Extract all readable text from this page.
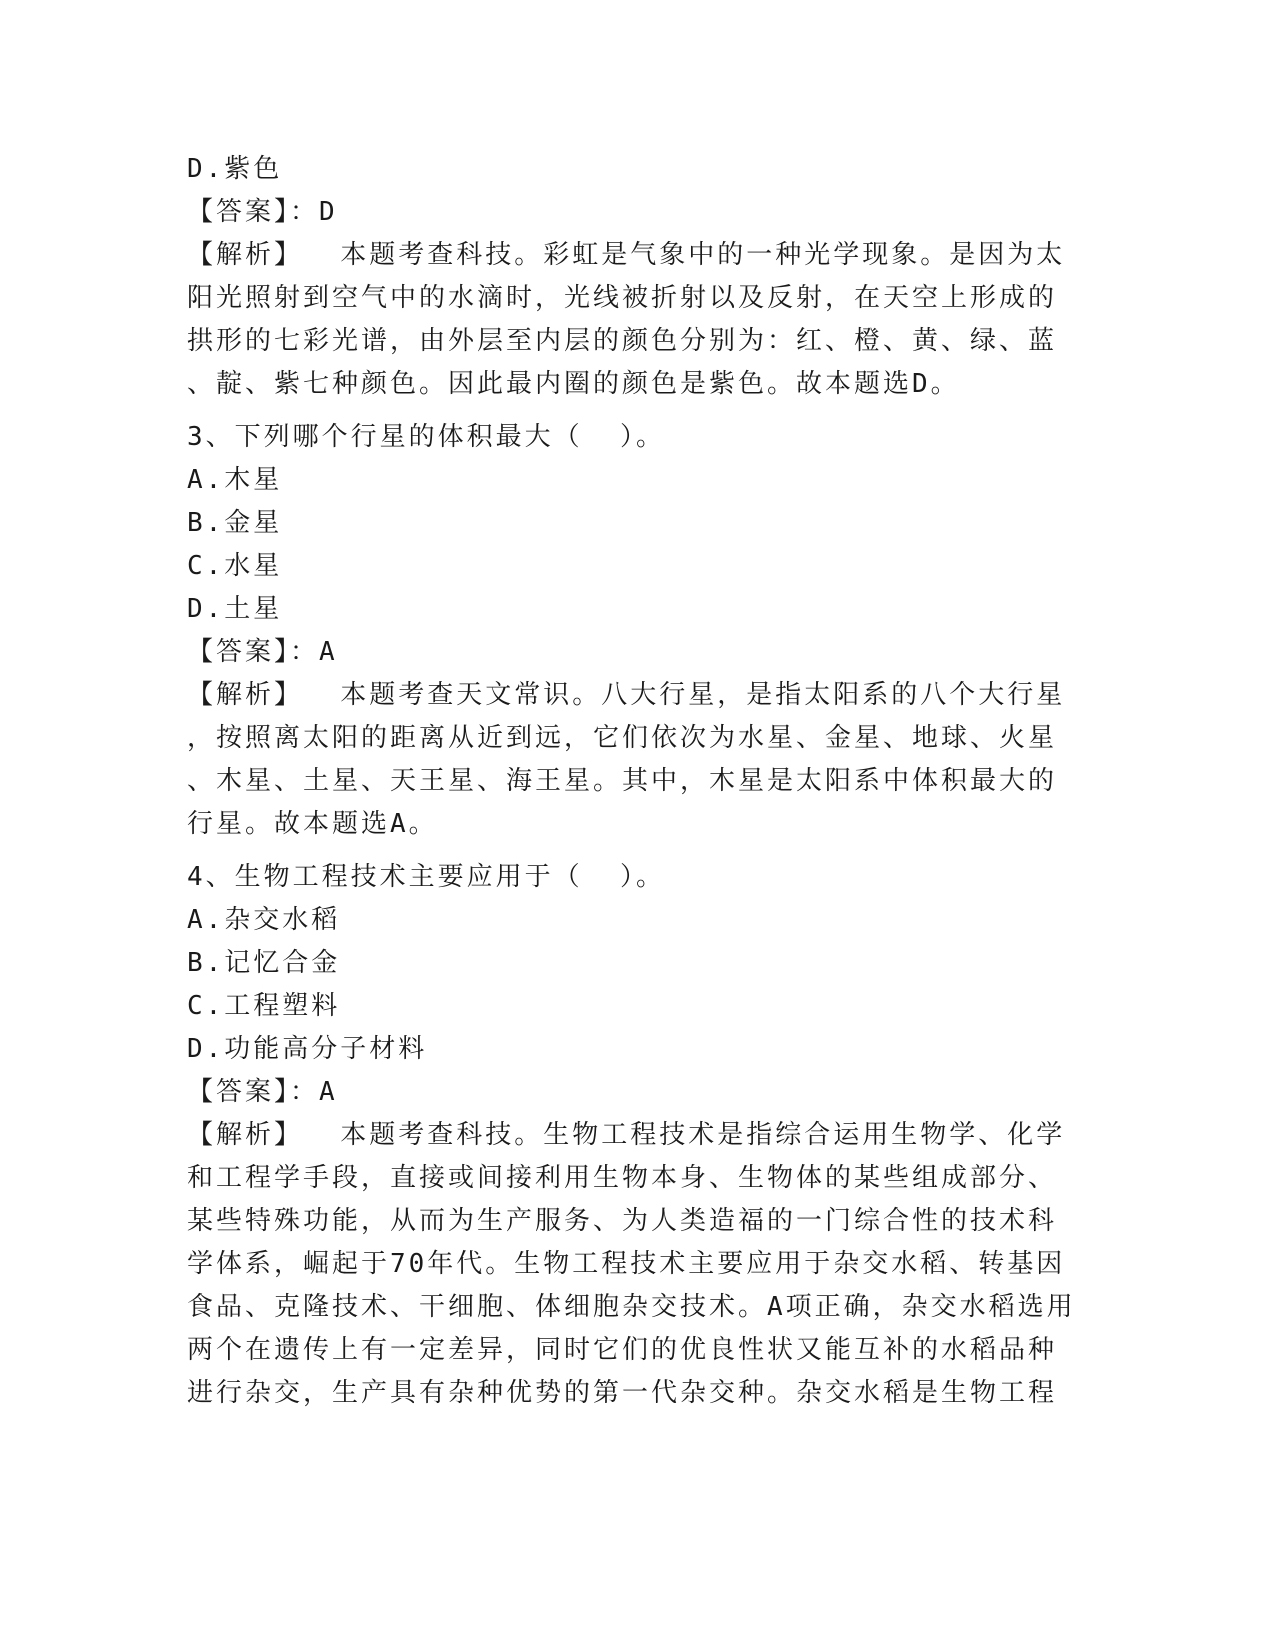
D.紫色
【答案】：D
【解析】  本题考查科技。彩虹是气象中的一种光学现象。是因为太
阳光照射到空气中的水滴时，光线被折射以及反射，在天空上形成的
拱形的七彩光谱，由外层至内层的颜色分别为：红、橙、黄、绿、蓝
、靛、紫七种颜色。因此最内圈的颜色是紫色。故本题选D。
3、下列哪个行星的体积最大（  ）。
A.木星
B.金星
C.水星
D.土星
【答案】：A
【解析】  本题考查天文常识。八大行星，是指太阳系的八个大行星
，按照离太阳的距离从近到远，它们依次为水星、金星、地球、火星
、木星、土星、天王星、海王星。其中，木星是太阳系中体积最大的
行星。故本题选A。
4、生物工程技术主要应用于（  ）。
A.杂交水稻
B.记忆合金
C.工程塑料
D.功能高分子材料
【答案】：A
【解析】  本题考查科技。生物工程技术是指综合运用生物学、化学
和工程学手段，直接或间接利用生物本身、生物体的某些组成部分、
某些特殊功能，从而为生产服务、为人类造福的一门综合性的技术科
学体系，崛起于70年代。生物工程技术主要应用于杂交水稻、转基因
食品、克隆技术、干细胞、体细胞杂交技术。A项正确，杂交水稻选用
两个在遗传上有一定差异，同时它们的优良性状又能互补的水稻品种
进行杂交，生产具有杂种优势的第一代杂交种。杂交水稻是生物工程
